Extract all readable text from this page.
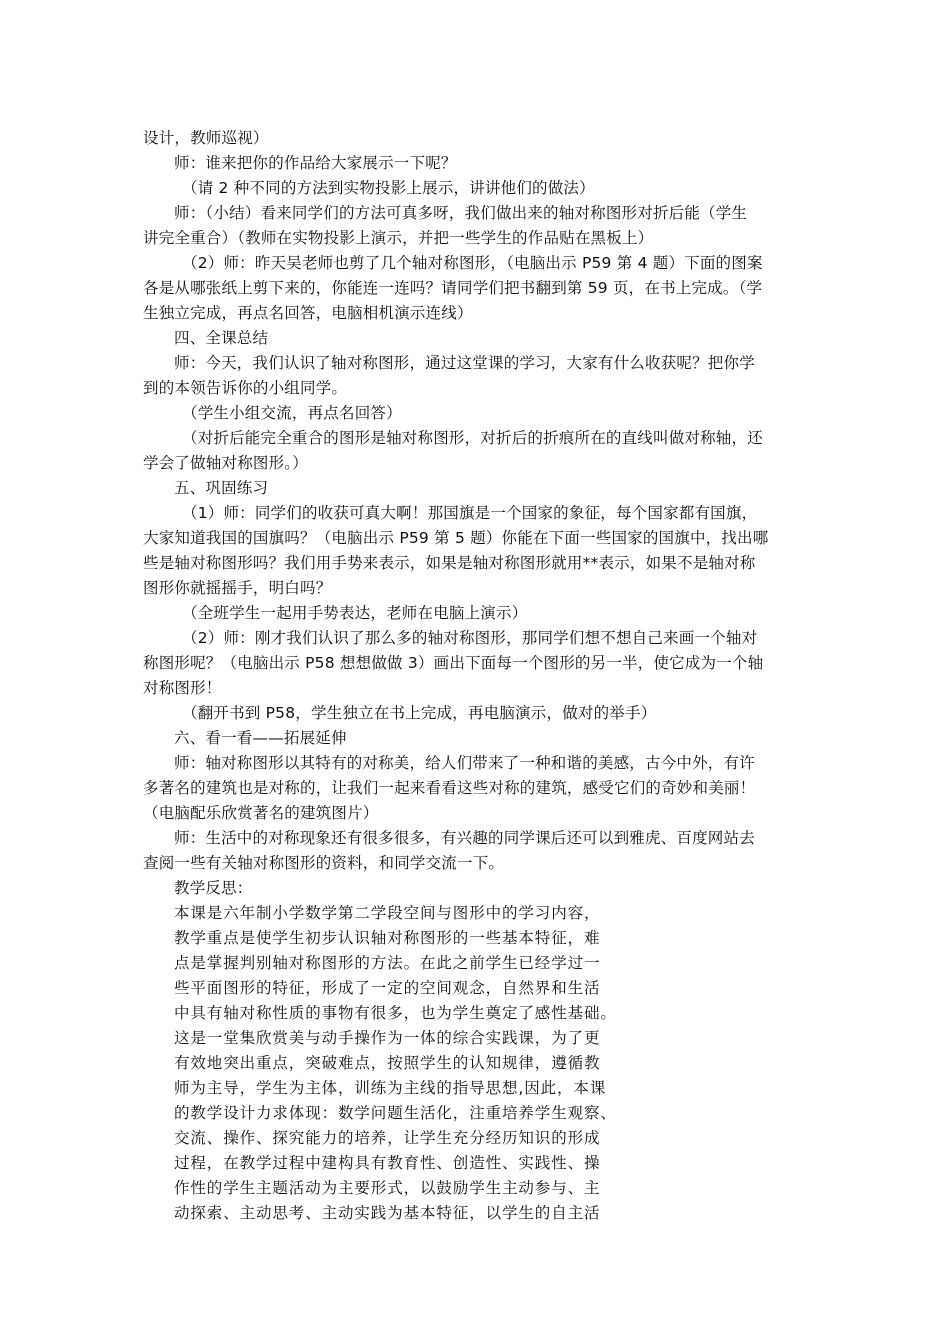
设计，教师巡视）
师：谁来把你的作品给大家展示一下呢？
（请 2 种不同的方法到实物投影上展示，讲讲他们的做法）
师：（小结）看来同学们的方法可真多呀，我们做出来的轴对称图形对折后能（学生
讲完全重合）（教师在实物投影上演示，并把一些学生的作品贴在黑板上）
（2）师：昨天吴老师也剪了几个轴对称图形，（电脑出示 P59 第 4 题）下面的图案
各是从哪张纸上剪下来的，你能连一连吗？请同学们把书翻到第 59 页，在书上完成。（学
生独立完成，再点名回答，电脑相机演示连线）
四、全课总结
师：今天，我们认识了轴对称图形，通过这堂课的学习，大家有什么收获呢？把你学
到的本领告诉你的小组同学。
（学生小组交流，再点名回答）
（对折后能完全重合的图形是轴对称图形，对折后的折痕所在的直线叫做对称轴，还
学会了做轴对称图形。）
五、巩固练习
（1）师：同学们的收获可真大啊！那国旗是一个国家的象征，每个国家都有国旗，
大家知道我国的国旗吗？（电脑出示 P59 第 5 题）你能在下面一些国家的国旗中，找出哪
些是轴对称图形吗？我们用手势来表示，如果是轴对称图形就用**表示，如果不是轴对称
图形你就摇摇手，明白吗？
（全班学生一起用手势表达，老师在电脑上演示）
（2）师：刚才我们认识了那么多的轴对称图形，那同学们想不想自己来画一个轴对
称图形呢？（电脑出示 P58 想想做做 3）画出下面每一个图形的另一半，使它成为一个轴
对称图形！
（翻开书到 P58，学生独立在书上完成，再电脑演示，做对的举手）
六、看一看——拓展延伸
师：轴对称图形以其特有的对称美，给人们带来了一种和谐的美感，古今中外，有许
多著名的建筑也是对称的，让我们一起来看看这些对称的建筑，感受它们的奇妙和美丽！
（电脑配乐欣赏著名的建筑图片）
师：生活中的对称现象还有很多很多，有兴趣的同学课后还可以到雅虎、百度网站去
查阅一些有关轴对称图形的资料，和同学交流一下。
教学反思：
本课是六年制小学数学第二学段空间与图形中的学习内容，
教学重点是使学生初步认识轴对称图形的一些基本特征，难
点是掌握判别轴对称图形的方法。在此之前学生已经学过一
些平面图形的特征，形成了一定的空间观念，自然界和生活
中具有轴对称性质的事物有很多，也为学生奠定了感性基础。
这是一堂集欣赏美与动手操作为一体的综合实践课，为了更
有效地突出重点，突破难点，按照学生的认知规律，遵循教
师为主导，学生为主体，训练为主线的指导思想,因此，本课
的教学设计力求体现：数学问题生活化，注重培养学生观察、
交流、操作、探究能力的培养，让学生充分经历知识的形成
过程，在教学过程中建构具有教育性、创造性、实践性、操
作性的学生主题活动为主要形式，以鼓励学生主动参与、主
动探索、主动思考、主动实践为基本特征，以学生的自主活
